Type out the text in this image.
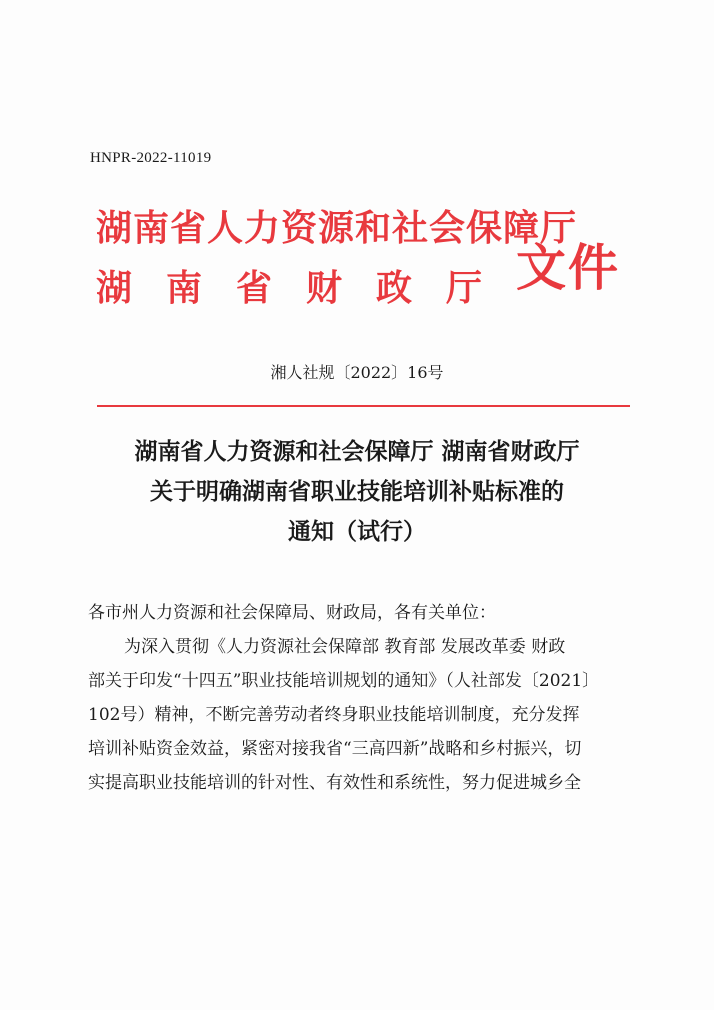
HNPR-2022-11019
湖南省人力资源和社会保障厅
湖南省财政厅 文件
湘人社规〔2022〕16号
湖南省人力资源和社会保障厅 湖南省财政厅
关于明确湖南省职业技能培训补贴标准的
通知（试行）
各市州人力资源和社会保障局、财政局，各有关单位：
为深入贯彻《人力资源社会保障部 教育部 发展改革委 财政
部关于印发“十四五”职业技能培训规划的通知》（人社部发〔2021〕
102号）精神，不断完善劳动者终身职业技能培训制度，充分发挥
培训补贴资金效益，紧密对接我省“三高四新”战略和乡村振兴，切
实提高职业技能培训的针对性、有效性和系统性，努力促进城乡全
